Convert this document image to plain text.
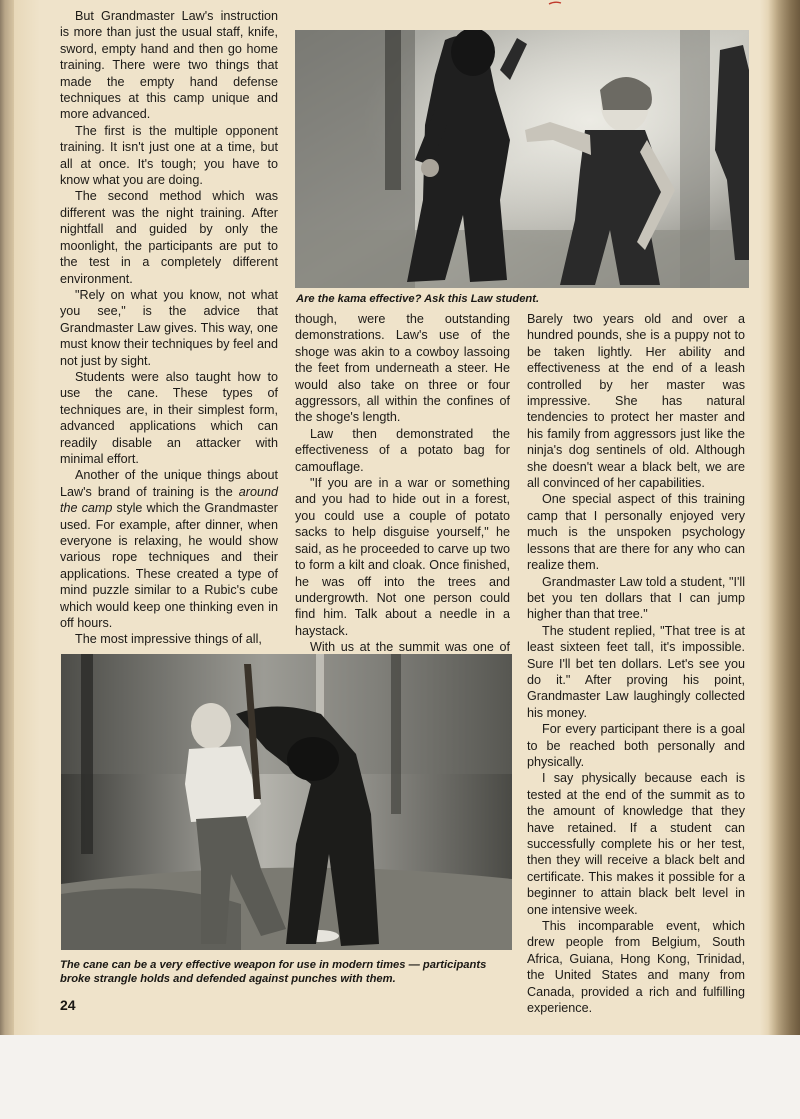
But Grandmaster Law's instruction is more than just the usual staff, knife, sword, empty hand and then go home training. There were two things that made the empty hand defense techniques at this camp unique and more advanced.

The first is the multiple opponent training. It isn't just one at a time, but all at once. It's tough; you have to know what you are doing.

The second method which was different was the night training. After nightfall and guided by only the moonlight, the participants are put to the test in a completely different environment.

"Rely on what you know, not what you see," is the advice that Grandmaster Law gives. This way, one must know their techniques by feel and not just by sight.

Students were also taught how to use the cane. These types of techniques are, in their simplest form, advanced applications which can readily disable an attacker with minimal effort.

Another of the unique things about Law's brand of training is the around the camp style which the Grandmaster used. For example, after dinner, when everyone is relaxing, he would show various rope techniques and their applications. These created a type of mind puzzle similar to a Rubic's cube which would keep one thinking even in off hours.

The most impressive things of all,

Are the kama effective? Ask this Law student.

though, were the outstanding demonstrations. Law's use of the shoge was akin to a cowboy lassoing the feet from underneath a steer. He would also take on three or four aggressors, all within the confines of the shoge's length.

Law then demonstrated the effectiveness of a potato bag for camouflage.

"If you are in a war or something and you had to hide out in a forest, you could use a couple of potato sacks to help disguise yourself," he said, as he proceeded to carve up two to form a kilt and cloak. Once finished, he was off into the trees and undergrowth. Not one person could find him. Talk about a needle in a haystack.

With us at the summit was one of

Barely two years old and over a hundred pounds, she is a puppy not to be taken lightly. Her ability and effectiveness at the end of a leash controlled by her master was impressive. She has natural tendencies to protect her master and his family from aggressors just like the ninja's dog sentinels of old. Although she doesn't wear a black belt, we are all convinced of her capabilities.

One special aspect of this training camp that I personally enjoyed very much is the unspoken psychology lessons that are there for any who can realize them.

Grandmaster Law told a student, "I'll bet you ten dollars that I can jump higher than that tree."

The student replied, "That tree is at least sixteen feet tall, it's impossible. Sure I'll bet ten dollars. Let's see you do it." After proving his point, Grandmaster Law laughingly collected his money.

For every participant there is a goal to be reached both personally and physically.

I say physically because each is tested at the end of the summit as to the amount of knowledge that they have retained. If a student can successfully complete his or her test, then they will receive a black belt and certificate. This makes it possible for a beginner to attain black belt level in one intensive week.

This incomparable event, which drew people from Belgium, South Africa, Guiana, Hong Kong, Trinidad, the United States and many from Canada, provided a rich and fulfilling experience.

The cane can be a very effective weapon for use in modern times — participants broke strangle holds and defended against punches with them.
24
